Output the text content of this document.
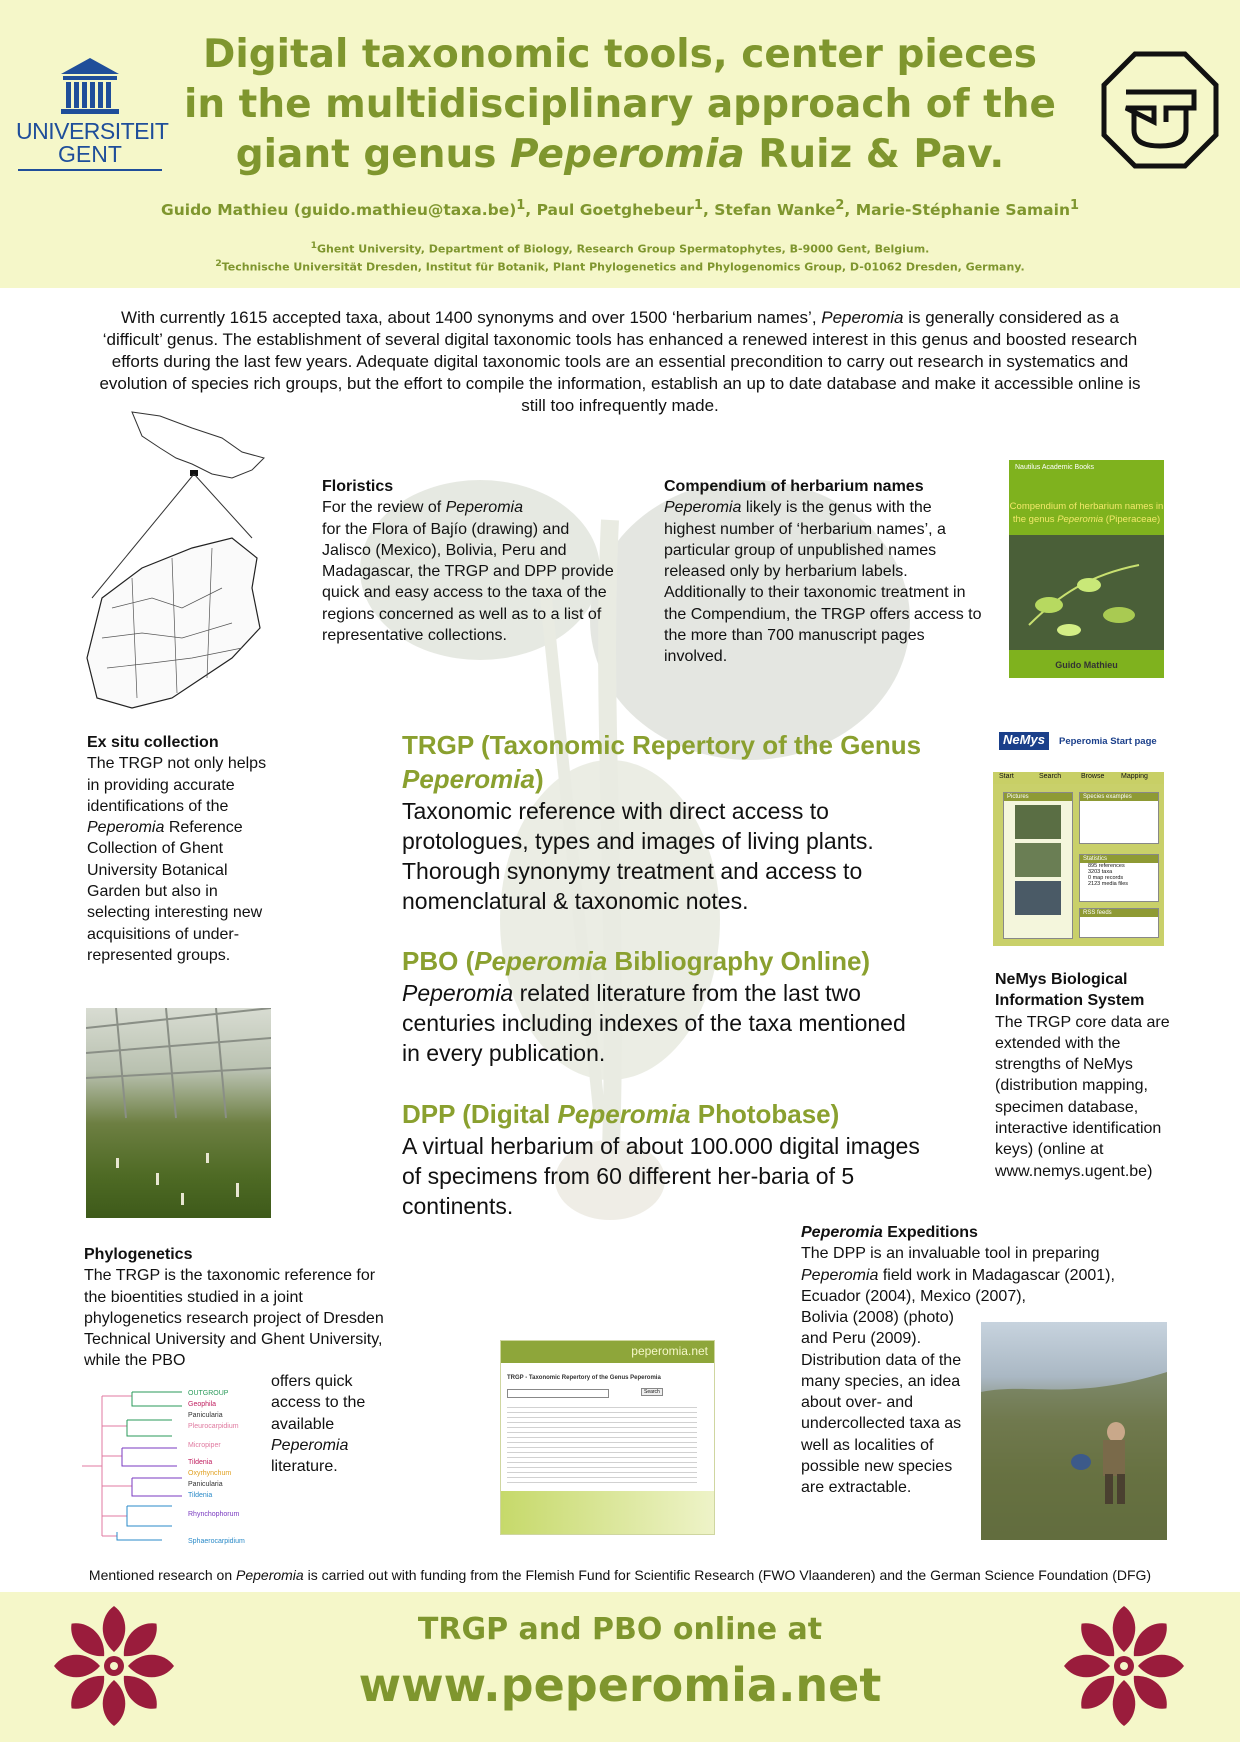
UNIVERSITEIT
GENT
Digital taxonomic tools, center pieces
in the multidisciplinary approach of the
giant genus Peperomia Ruiz & Pav.
Guido Mathieu (guido.mathieu@taxa.be)$^1$, Paul Goetghebeur$^1$, Stefan Wanke$^2$, Marie-Stéphanie Samain$^1$
$^1$Ghent University, Department of Biology, Research Group Spermatophytes, B-9000 Gent, Belgium.
$^2$Technische Universität Dresden, Institut für Botanik, Plant Phylogenetics and Phylogenomics Group, D-01062 Dresden, Germany.
With currently 1615 accepted taxa, about 1400 synonyms and over 1500 ‘herbarium names’, Peperomia is generally considered as a ‘difficult’ genus. The establishment of several digital taxonomic tools has enhanced a renewed interest in this genus and boosted research efforts during the last few years. Adequate digital taxonomic tools are an essential precondition to carry out research in systematics and evolution of species rich groups, but the effort to compile the information, establish an up to date database and make it accessible online is still too infrequently made.
Floristics

For the review of Peperomia
for the Flora of Bajío (drawing) and Jalisco (Mexico), Bolivia, Peru and Madagascar, the TRGP and DPP provide quick and easy access to the taxa of the regions concerned as well as to a list of representative collections.

Compendium of herbarium names

Peperomia likely is the genus with the highest number of ‘herbarium names’, a particular group of unpublished names released only by herbarium labels. Additionally to their taxonomic treatment in the Compendium, the TRGP offers access to the more than 700 manuscript pages involved.

Nautilus Academic Books
Compendium of herbarium names in the genus Peperomia (Piperaceae)
Guido Mathieu
Ex situ collection

The TRGP not only helps in providing accurate identifications of the Peperomia Reference Collection of Ghent University Botanical Garden but also in selecting interesting new acquisitions of under-represented groups.

TRGP (Taxonomic Repertory of the Genus Peperomia)

Taxonomic reference with direct access to protologues, types and images of living plants. Thorough synonymy treatment and access to nomenclatural & taxonomic notes.

PBO (Peperomia Bibliography Online)

Peperomia related literature from the last two centuries including indexes of the taxa mentioned in every publication.

DPP (Digital Peperomia Photobase)

A virtual herbarium of about 100.000 digital images of specimens from 60 different her-baria of 5 continents.

NeMys	Peperomia Start page
Start	Search	Browse Mapping
Pictures	Species examples
Statistics
895 references
3203 taxa
0 map records
2123 media files
RSS feeds
NeMys Biological Information System

The TRGP core data are extended with the strengths of NeMys (distribution mapping, specimen database, interactive identification keys) (online at www.nemys.ugent.be)

Phylogenetics

The TRGP is the taxonomic reference for the bioentities studied in a joint phylogenetics research project of Dresden Technical University and Ghent University, while the PBO

offers quick access to the available Peperomia literature.

OUTGROUP
Geophila
Panicularia
Pleurocarpidium
Micropiper
Tildenia
Oxyrhynchum
Panicularia
Tildenia
Rhynchophorum
Sphaerocarpidium
peperomia.net
TRGP - Taxonomic Repertory of the Genus Peperomia
Search
Peperomia Expeditions

The DPP is an invaluable tool in preparing Peperomia field work in Madagascar (2001), Ecuador (2004), Mexico (2007),

Bolivia (2008) (photo) and Peru (2009). Distribution data of the many species, an idea about over- and undercollected taxa as well as localities of possible new species are extractable.

Mentioned research on Peperomia is carried out with funding from the Flemish Fund for Scientific Research (FWO Vlaanderen) and the German Science Foundation (DFG)
TRGP and PBO online at
www.peperomia.net
